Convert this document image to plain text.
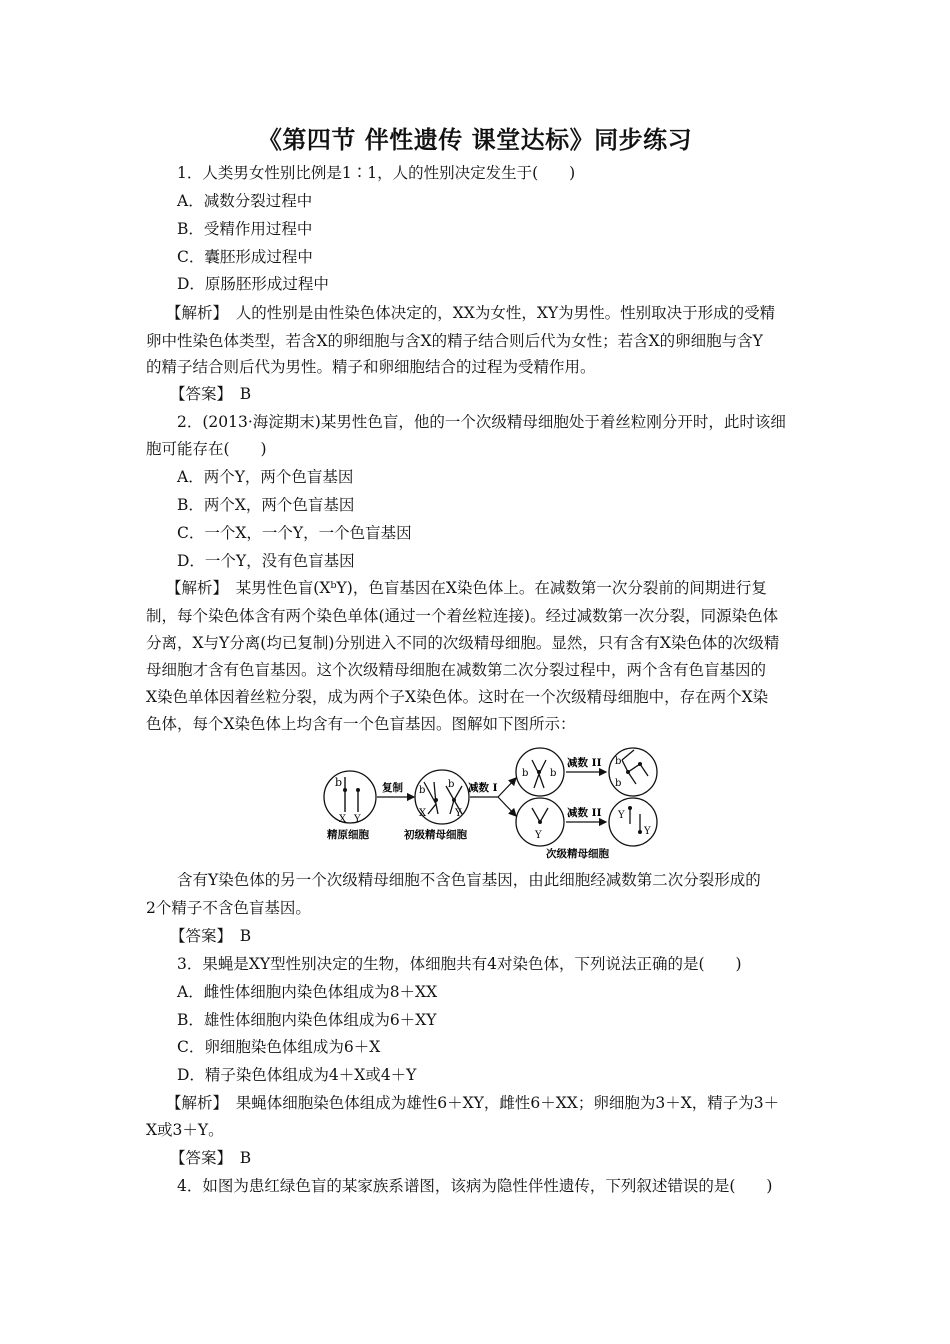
《第四节 伴性遗传 课堂达标》同步练习
1．人类男女性别比例是1∶1，人的性别决定发生于(　　)
A．减数分裂过程中
B．受精作用过程中
C．囊胚形成过程中
D．原肠胚形成过程中
【解析】　人的性别是由性染色体决定的，XX为女性，XY为男性。性别取决于形成的受精
卵中性染色体类型，若含X的卵细胞与含X的精子结合则后代为女性；若含X的卵细胞与含Y
的精子结合则后代为男性。精子和卵细胞结合的过程为受精作用。
【答案】　 B
2．(2013·海淀期末)某男性色盲，他的一个次级精母细胞处于着丝粒刚分开时，此时该细
胞可能存在(　　)
A．两个Y，两个色盲基因
B．两个X，两个色盲基因
C．一个X，一个Y，一个色盲基因
D．一个Y，没有色盲基因
【解析】　某男性色盲(XᵇY)，色盲基因在X染色体上。在减数第一次分裂前的间期进行复
制，每个染色体含有两个染色单体(通过一个着丝粒连接)。经过减数第一次分裂，同源染色体
分离，X与Y分离(均已复制)分别进入不同的次级精母细胞。显然，只有含有X染色体的次级精
母细胞才含有色盲基因。这个次级精母细胞在减数第二次分裂过程中，两个含有色盲基因的
X染色单体因着丝粒分裂，成为两个子X染色体。这时在一个次级精母细胞中，存在两个X染
色体，每个X染色体上均含有一个色盲基因。图解如下图所示：
b
X Y
精原细胞
复制 b
b
X	Y
初级精母细胞
减数 I
b b
Y
次级精母细胞
减数 II
减数 II
b
b
Y
Y
含有Y染色体的另一个次级精母细胞不含色盲基因，由此细胞经减数第二次分裂形成的
2个精子不含色盲基因。
【答案】　 B
3．果蝇是XY型性别决定的生物，体细胞共有4对染色体，下列说法正确的是(　　)
A．雌性体细胞内染色体组成为8＋XX
B．雄性体细胞内染色体组成为6＋XY
C．卵细胞染色体组成为6＋X
D．精子染色体组成为4＋X或4＋Y
【解析】　果蝇体细胞染色体组成为雄性6＋XY，雌性6＋XX；卵细胞为3＋X，精子为3＋
X或3＋Y。
【答案】　 B
4．如图为患红绿色盲的某家族系谱图，该病为隐性伴性遗传，下列叙述错误的是(　　)
